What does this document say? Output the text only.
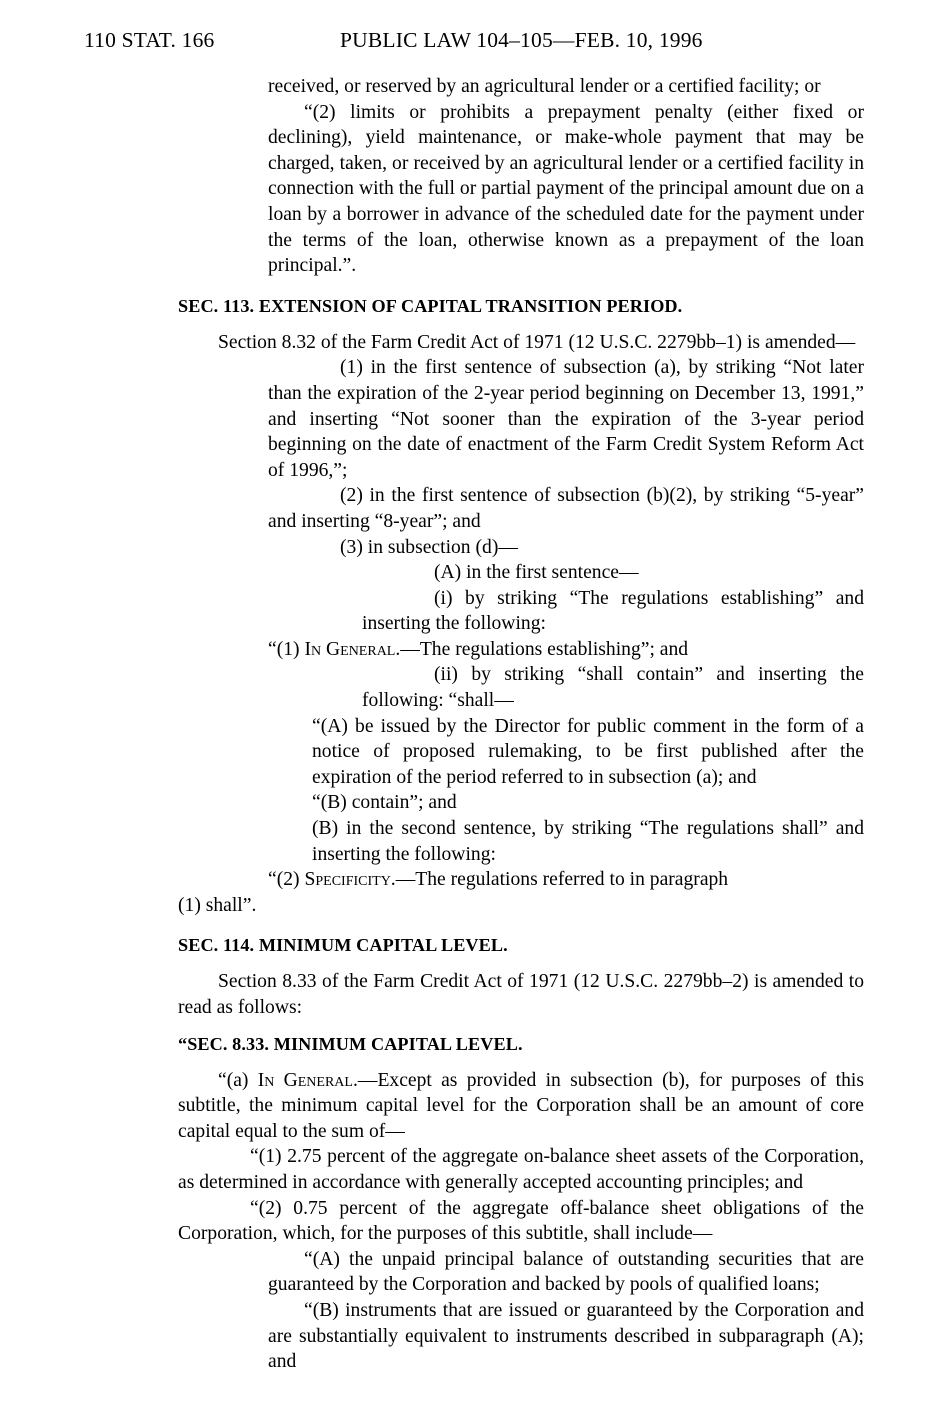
110 STAT. 166	PUBLIC LAW 104–105—FEB. 10, 1996

received, or reserved by an agricultural lender or a certified facility; or

“(2) limits or prohibits a prepayment penalty (either fixed or declining), yield maintenance, or make-whole payment that may be charged, taken, or received by an agricultural lender or a certified facility in connection with the full or partial payment of the principal amount due on a loan by a borrower in advance of the scheduled date for the payment under the terms of the loan, otherwise known as a prepayment of the loan principal.”.

SEC. 113. EXTENSION OF CAPITAL TRANSITION PERIOD.

Section 8.32 of the Farm Credit Act of 1971 (12 U.S.C. 2279bb–1) is amended—

(1) in the first sentence of subsection (a), by striking “Not later than the expiration of the 2-year period beginning on December 13, 1991,” and inserting “Not sooner than the expiration of the 3-year period beginning on the date of enactment of the Farm Credit System Reform Act of 1996,”;

(2) in the first sentence of subsection (b)(2), by striking “5-year” and inserting “8-year”; and

(3) in subsection (d)—

(A) in the first sentence—

(i) by striking “The regulations establishing” and inserting the following:

“(1) In General.—The regulations establishing”; and

(ii) by striking “shall contain” and inserting the following: “shall—

“(A) be issued by the Director for public comment in the form of a notice of proposed rulemaking, to be first published after the expiration of the period referred to in subsection (a); and

“(B) contain”; and

(B) in the second sentence, by striking “The regulations shall” and inserting the following:

“(2) Specificity.—The regulations referred to in paragraph

(1) shall”.

SEC. 114. MINIMUM CAPITAL LEVEL.

Section 8.33 of the Farm Credit Act of 1971 (12 U.S.C. 2279bb–2) is amended to read as follows:

“SEC. 8.33. MINIMUM CAPITAL LEVEL.

“(a) In General.—Except as provided in subsection (b), for purposes of this subtitle, the minimum capital level for the Corporation shall be an amount of core capital equal to the sum of—

“(1) 2.75 percent of the aggregate on-balance sheet assets of the Corporation, as determined in accordance with generally accepted accounting principles; and

“(2) 0.75 percent of the aggregate off-balance sheet obligations of the Corporation, which, for the purposes of this subtitle, shall include—

“(A) the unpaid principal balance of outstanding securities that are guaranteed by the Corporation and backed by pools of qualified loans;

“(B) instruments that are issued or guaranteed by the Corporation and are substantially equivalent to instruments described in subparagraph (A); and
